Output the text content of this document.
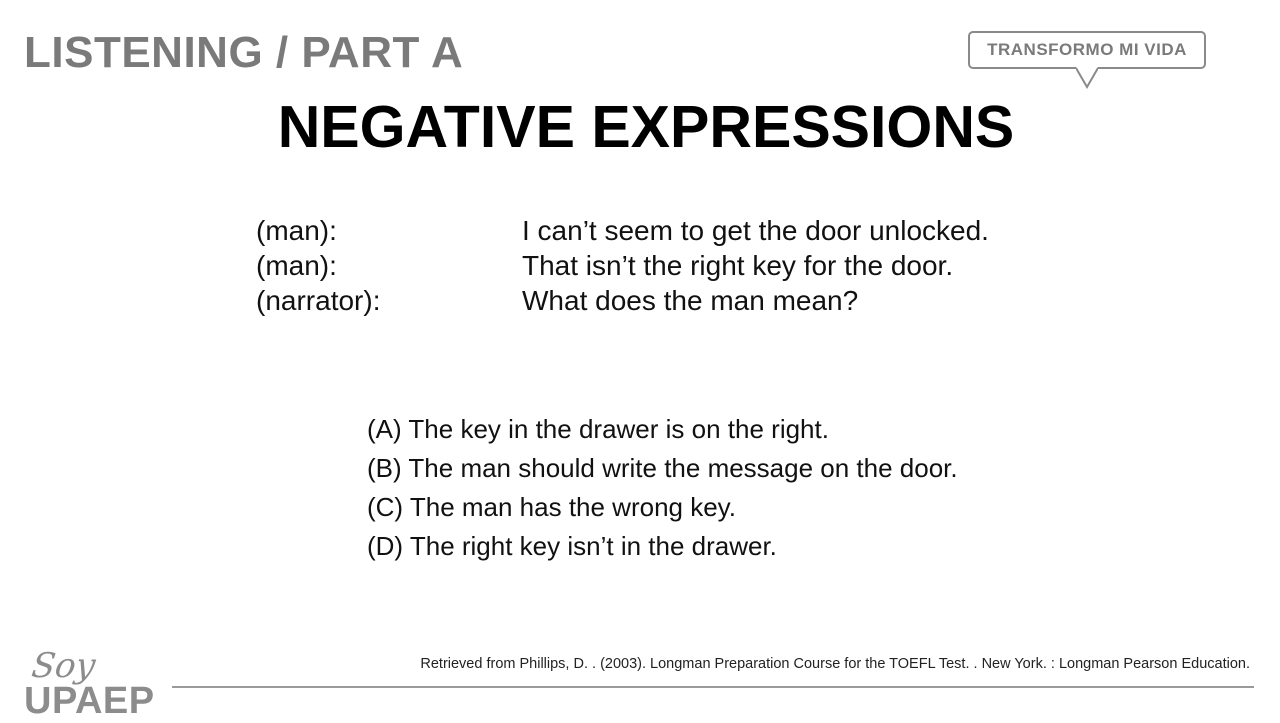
LISTENING / PART A	TRANSFORMO MI VIDA
NEGATIVE EXPRESSIONS
(man):	I can’t seem to get the door unlocked.
(man):	That isn’t the right key for the door.
(narrator):	What does the man mean?
(A) The key in the drawer is on the right.
(B) The man should write the message on the door.
(C) The man has the wrong key.
(D) The right key isn’t in the drawer.
Retrieved from Phillips, D. . (2003). Longman Preparation Course for the TOEFL Test. . New York. : Longman Pearson Education.
Soy
UPAEP
